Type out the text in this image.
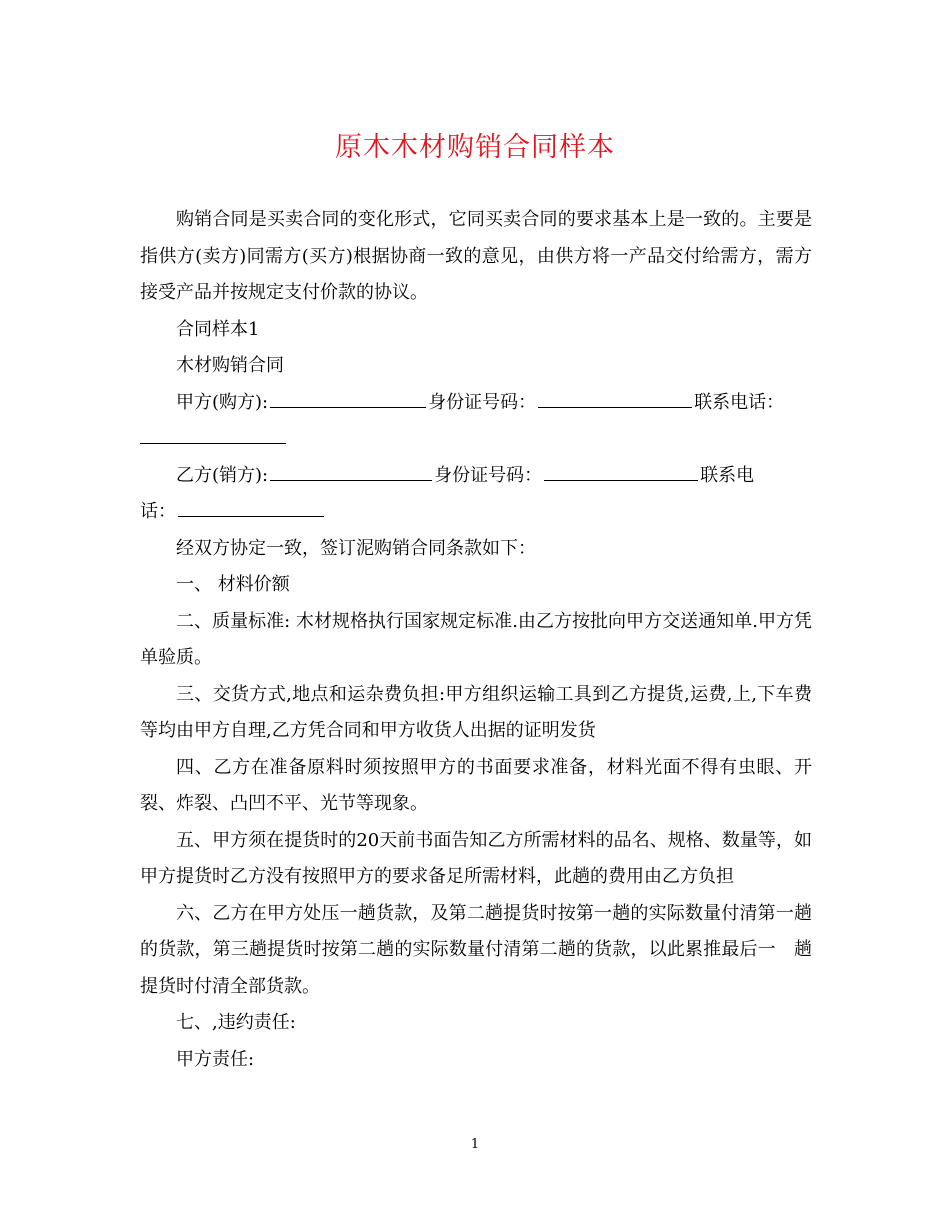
原木木材购销合同样本

购销合同是买卖合同的变化形式，它同买卖合同的要求基本上是一致的。主要是指供方(卖方)同需方(买方)根据协商一致的意见，由供方将一产品交付给需方，需方接受产品并按规定支付价款的协议。

合同样本1

木材购销合同

甲方(购方):	身份证号码：	联系电话：

乙方(销方):	身份证号码：	联系电

话：

经双方协定一致，签订泥购销合同条款如下：

一、 材料价额

二、质量标准: 木材规格执行国家规定标准.由乙方按批向甲方交送通知单.甲方凭单验质。

三、交货方式,地点和运杂费负担:甲方组织运输工具到乙方提货,运费,上,下车费等均由甲方自理,乙方凭合同和甲方收货人出据的证明发货

四、乙方在准备原料时须按照甲方的书面要求准备，材料光面不得有虫眼、开裂、炸裂、凸凹不平、光节等现象。

五、甲方须在提货时的20天前书面告知乙方所需材料的品名、规格、数量等，如甲方提货时乙方没有按照甲方的要求备足所需材料，此趟的费用由乙方负担

六、乙方在甲方处压一趟货款，及第二趟提货时按第一趟的实际数量付清第一趟的货款，第三趟提货时按第二趟的实际数量付清第二趟的货款，以此累推最后一　趟提货时付清全部货款。

七、,违约责任:

甲方责任:

1
